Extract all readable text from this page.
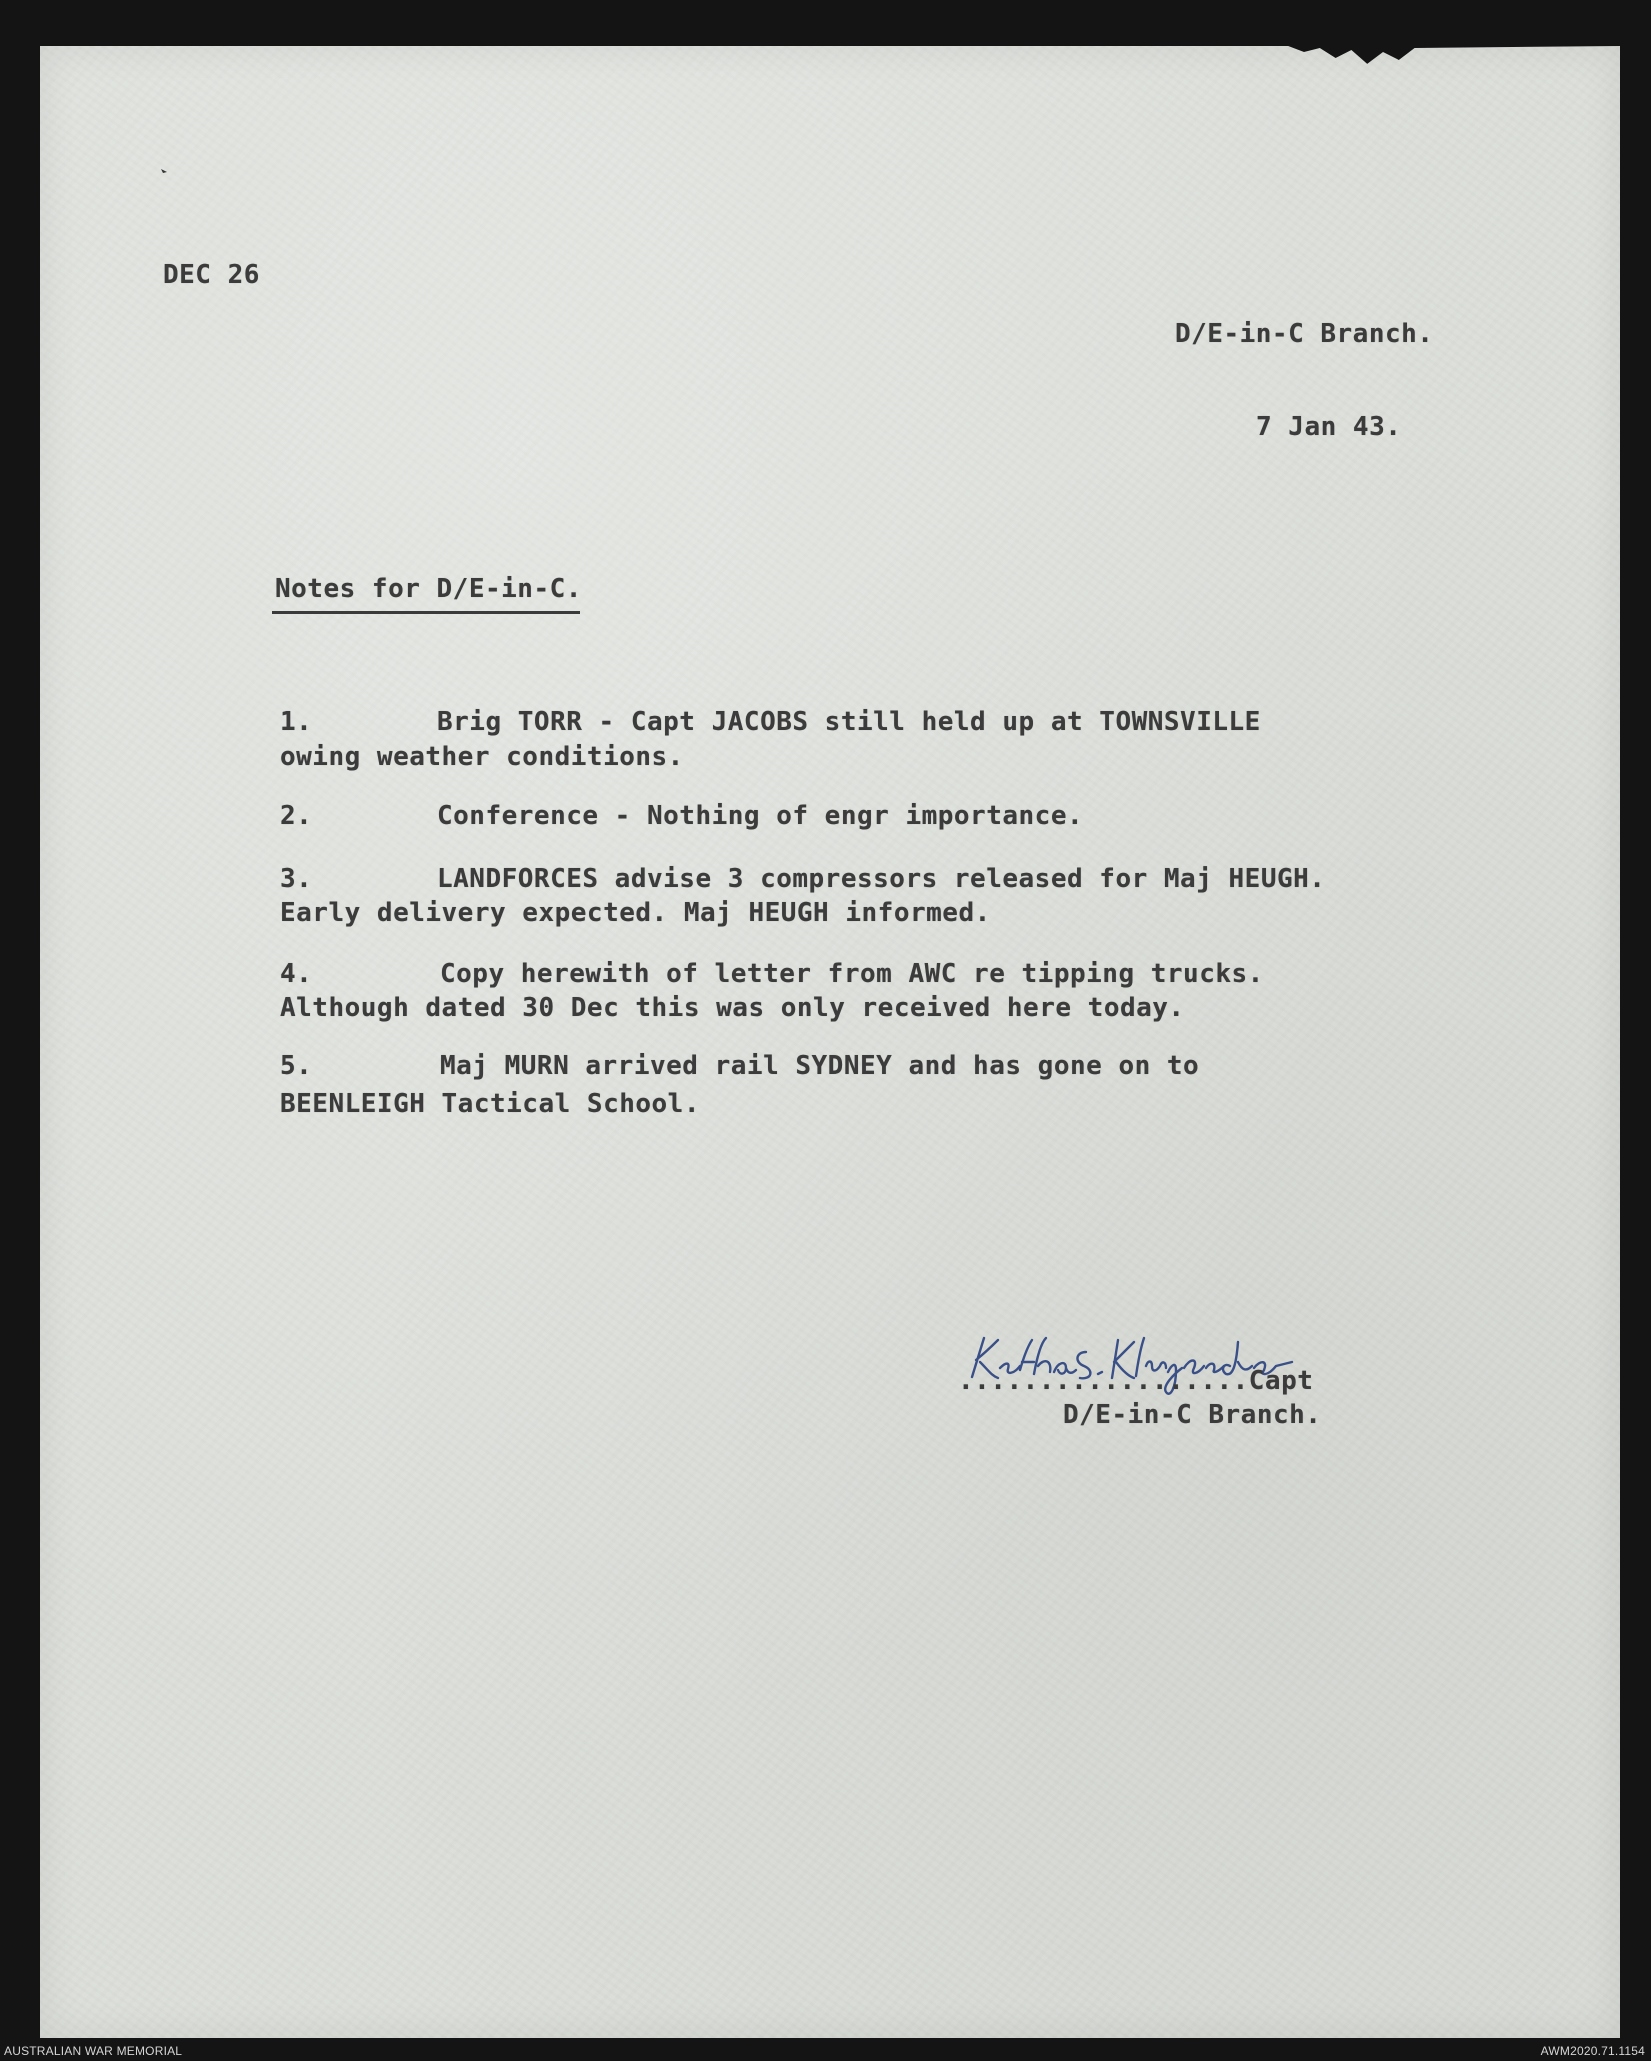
DEC 26
D/E-in-C Branch.
7 Jan 43.
Notes for D/E-in-C.
1.	Brig TORR - Capt JACOBS still held up at TOWNSVILLE
owing weather conditions.
2.	Conference - Nothing of engr importance.
3.	LANDFORCES advise 3 compressors released for Maj HEUGH.
Early delivery expected. Maj HEUGH informed.
4.	Copy herewith of letter from AWC re tipping trucks.
Although dated 30 Dec this was only received here today.
5.	Maj MURN arrived rail SYDNEY and has gone on to
BEENLEIGH Tactical School.
..................Capt
D/E-in-C Branch.
AUSTRALIAN WAR MEMORIAL	AWM2020.71.1154
